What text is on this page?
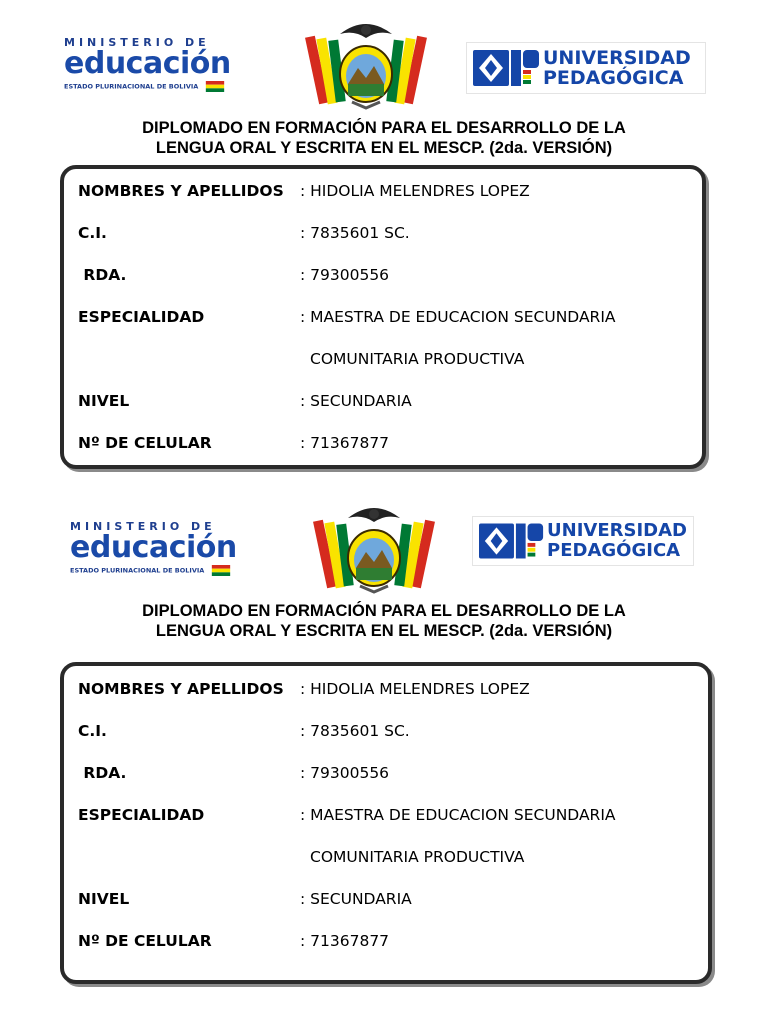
MINISTERIO DE
educación
ESTADO PLURINACIONAL DE BOLIVIA
UNIVERSIDAD
PEDAGÓGICA
DIPLOMADO EN FORMACIÓN PARA EL DESARROLLO DE LA
LENGUA ORAL Y ESCRITA EN EL MESCP. (2da. VERSIÓN)
NOMBRES Y APELLIDOS : HIDOLIA MELENDRES LOPEZ
C.I.	: 7835601 SC.
RDA.	: 79300556
ESPECIALIDAD	: MAESTRA DE EDUCACION SECUNDARIA
COMUNITARIA PRODUCTIVA
NIVEL	: SECUNDARIA
Nº DE CELULAR	: 71367877
MINISTERIO DE
educación
ESTADO PLURINACIONAL DE BOLIVIA
UNIVERSIDAD
PEDAGÓGICA
DIPLOMADO EN FORMACIÓN PARA EL DESARROLLO DE LA
LENGUA ORAL Y ESCRITA EN EL MESCP. (2da. VERSIÓN)
NOMBRES Y APELLIDOS : HIDOLIA MELENDRES LOPEZ
C.I.	: 7835601 SC.
RDA.	: 79300556
ESPECIALIDAD	: MAESTRA DE EDUCACION SECUNDARIA
COMUNITARIA PRODUCTIVA
NIVEL	: SECUNDARIA
Nº DE CELULAR	: 71367877
